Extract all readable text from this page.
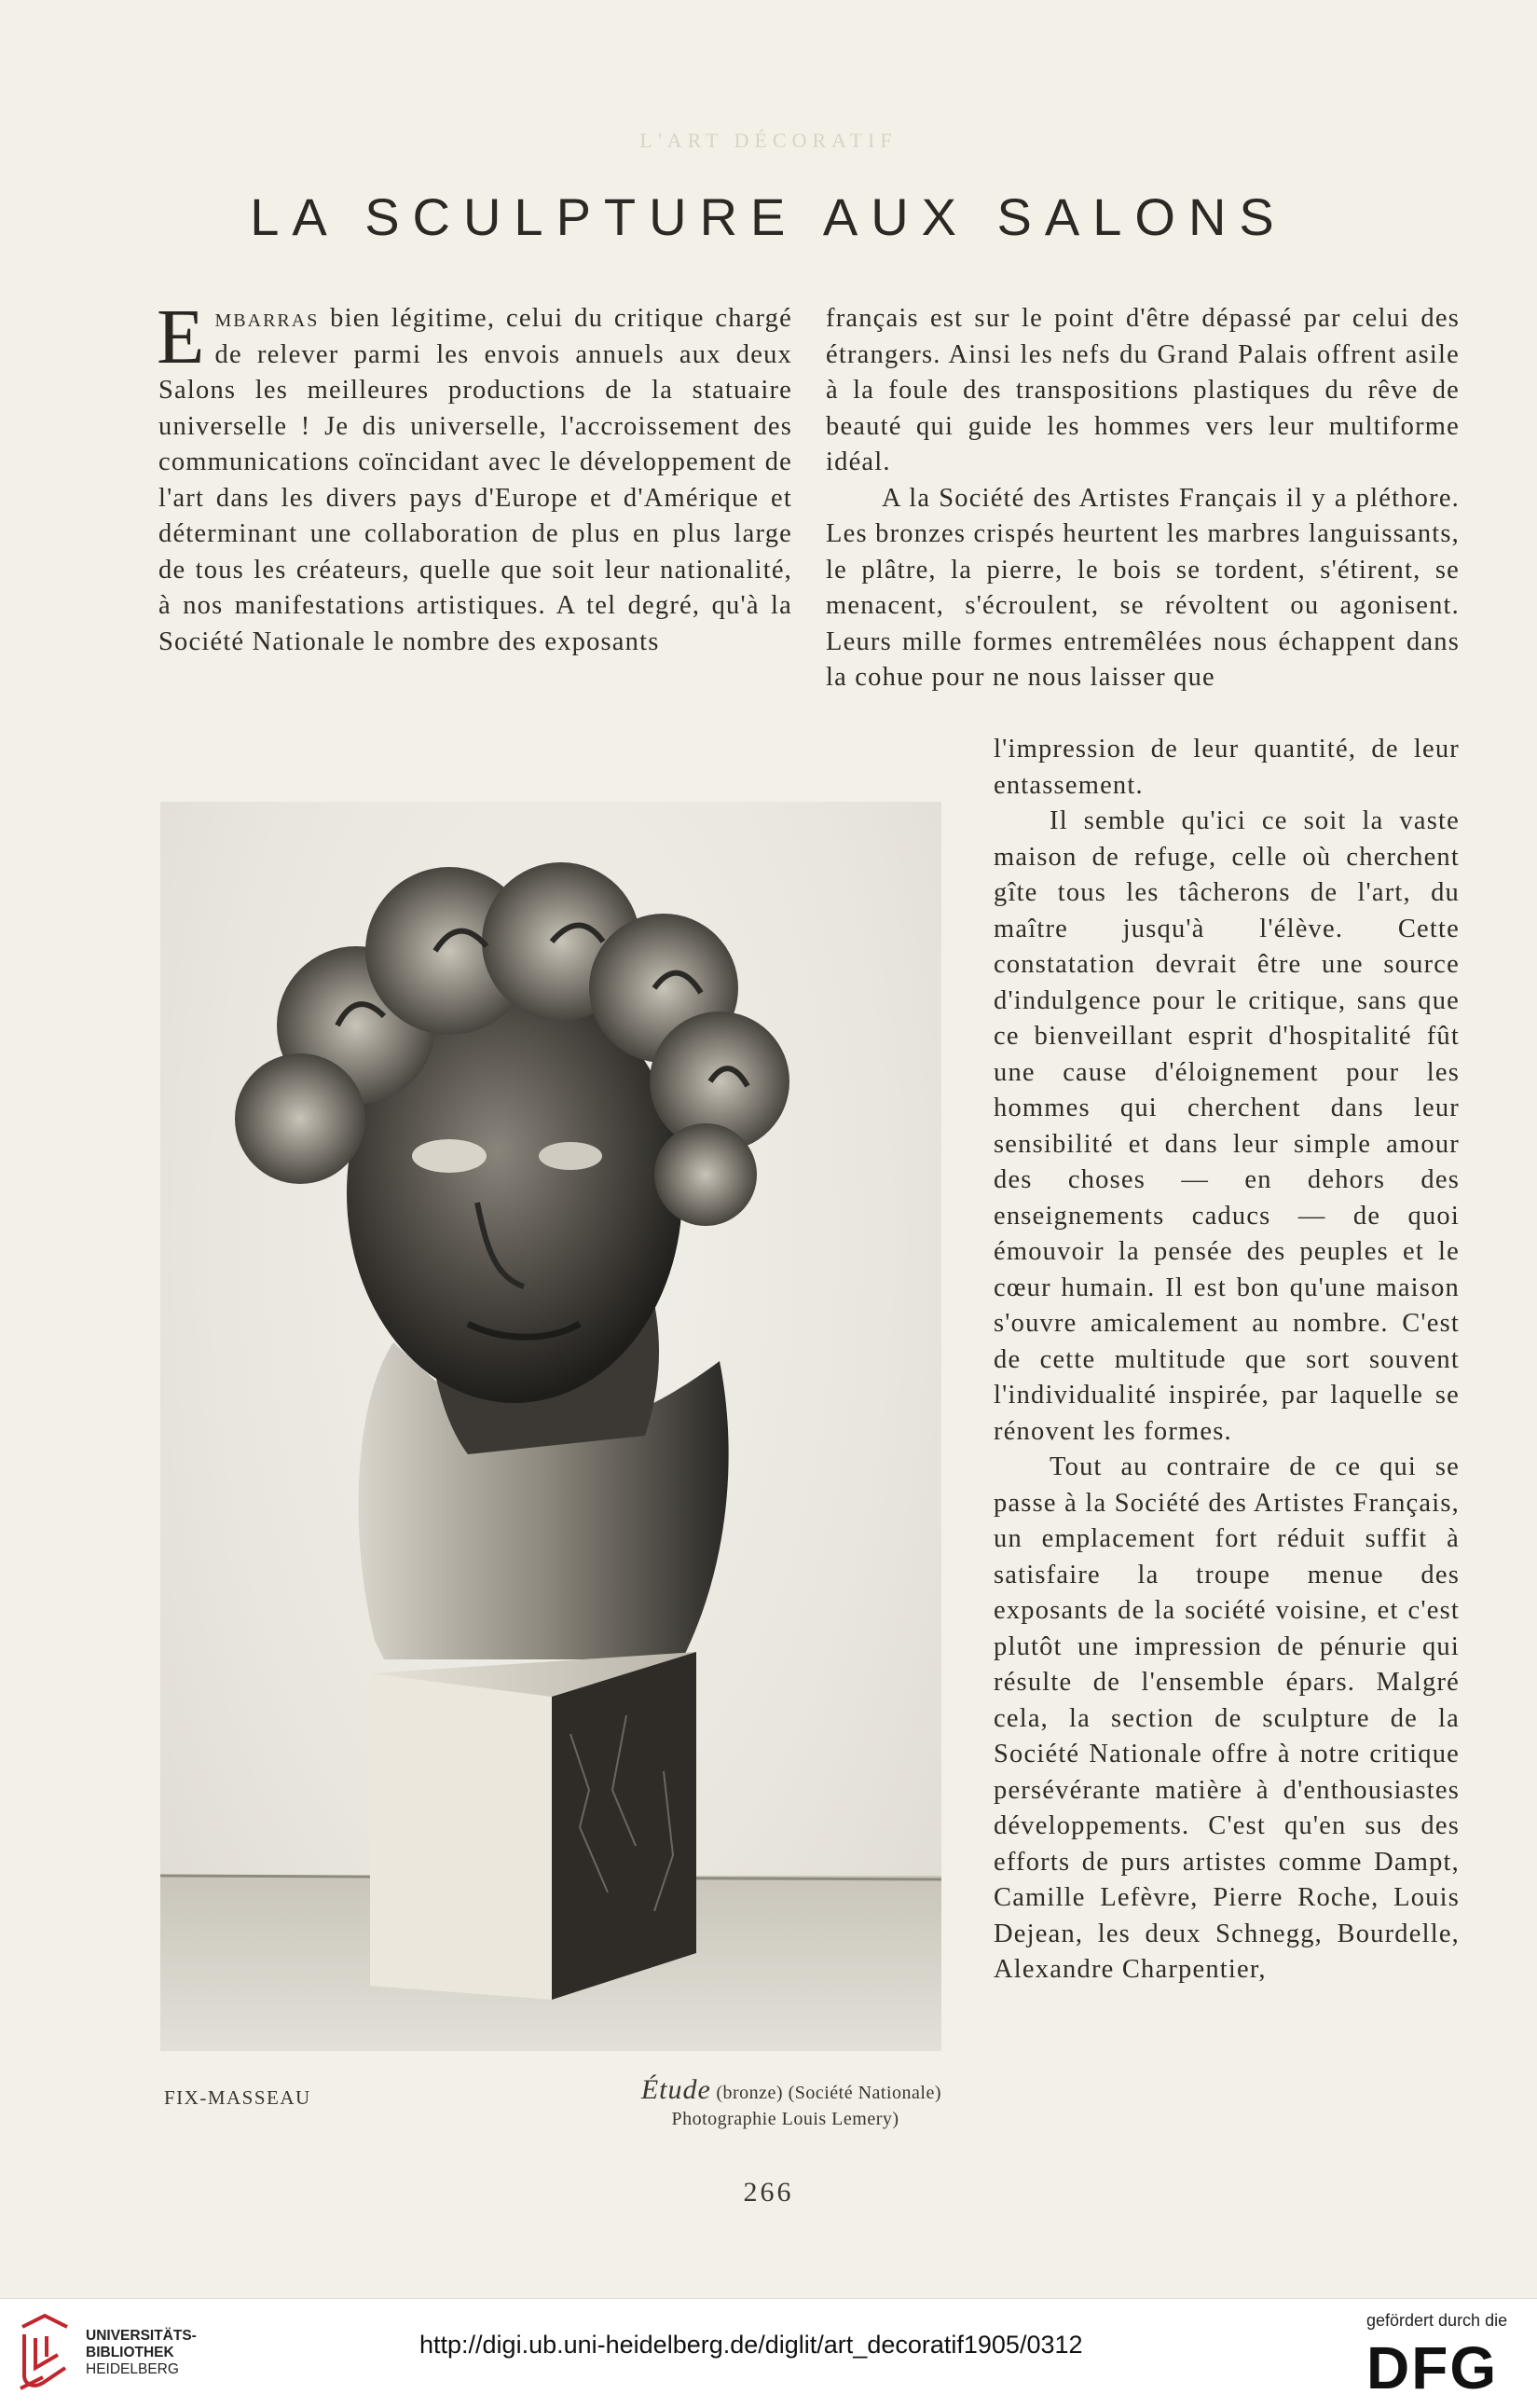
L'ART DÉCORATIF
LA SCULPTURE AUX SALONS

Embarras bien légitime, celui du critique chargé de relever parmi les envois annuels aux deux Salons les meilleures productions de la statuaire universelle ! Je dis universelle, l'accroissement des communications coïncidant avec le développement de l'art dans les divers pays d'Europe et d'Amérique et déterminant une collaboration de plus en plus large de tous les créateurs, quelle que soit leur nationalité, à nos manifestations artistiques. A tel degré, qu'à la Société Nationale le nombre des exposants

français est sur le point d'être dépassé par celui des étrangers. Ainsi les nefs du Grand Palais offrent asile à la foule des transpositions plastiques du rêve de beauté qui guide les hommes vers leur multiforme idéal.

A la Société des Artistes Français il y a pléthore. Les bronzes crispés heurtent les marbres languissants, le plâtre, la pierre, le bois se tordent, s'étirent, se menacent, s'écroulent, se révoltent ou agonisent. Leurs mille formes entremêlées nous échappent dans la cohue pour ne nous laisser que

l'impression de leur quantité, de leur entassement.

Il semble qu'ici ce soit la vaste maison de refuge, celle où cherchent gîte tous les tâcherons de l'art, du maître jusqu'à l'élève. Cette constatation devrait être une source d'indulgence pour le critique, sans que ce bienveillant esprit d'hospitalité fût une cause d'éloignement pour les hommes qui cherchent dans leur sensibilité et dans leur simple amour des choses — en dehors des enseignements caducs — de quoi émouvoir la pensée des peuples et le cœur humain. Il est bon qu'une maison s'ouvre amicalement au nombre. C'est de cette multitude que sort souvent l'individualité inspirée, par laquelle se rénovent les formes.

Tout au contraire de ce qui se passe à la Société des Artistes Français, un emplacement fort réduit suffit à satisfaire la troupe menue des exposants de la société voisine, et c'est plutôt une impression de pénurie qui résulte de l'ensemble épars. Malgré cela, la section de sculpture de la Société Nationale offre à notre critique persévérante matière à d'enthousiastes développements. C'est qu'en sus des efforts de purs artistes comme Dampt, Camille Lefèvre, Pierre Roche, Louis Dejean, les deux Schnegg, Bourdelle, Alexandre Charpentier,

FIX-MASSEAU	Étude (bronze) (Société Nationale)
Photographie Louis Lemery)
266
UNIVERSITÄTS-
BIBLIOTHEK
HEIDELBERG
http://digi.ub.uni-heidelberg.de/diglit/art_decoratif1905/0312
gefördert durch die
DFG
